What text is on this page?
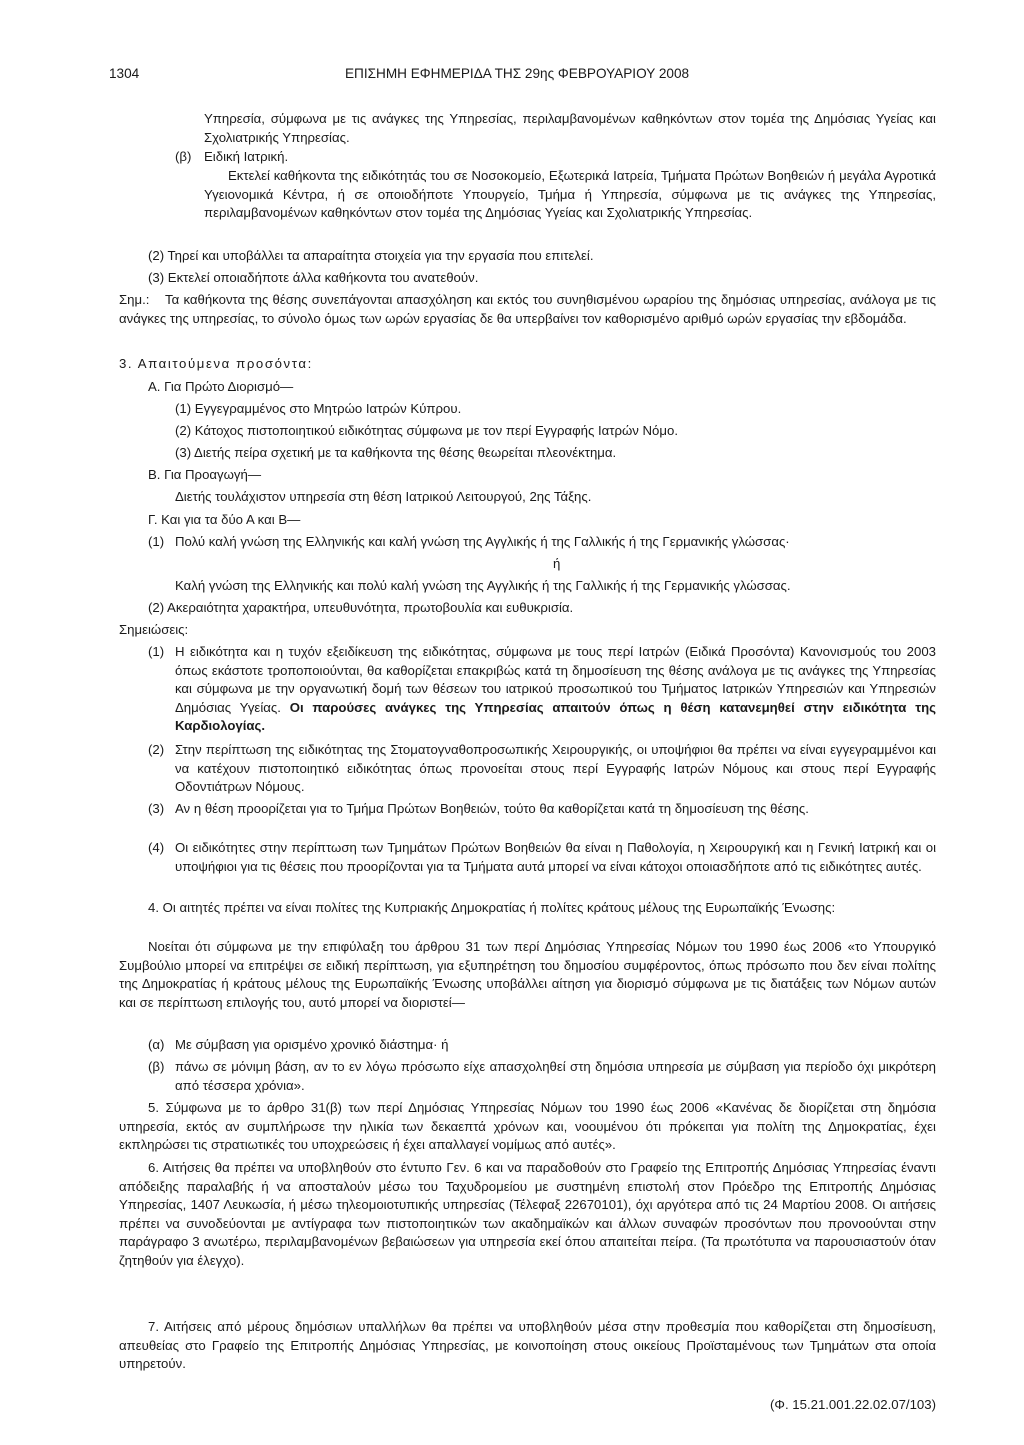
1304	ΕΠΙΣΗΜΗ ΕΦΗΜΕΡΙΔΑ ΤΗΣ 29ης ΦΕΒΡΟΥΑΡΙΟΥ 2008

Υπηρεσία, σύμφωνα με τις ανάγκες της Υπηρεσίας, περιλαμβανομένων καθηκόντων στον τομέα της Δημόσιας Υγείας και Σχολιατρικής Υπηρεσίας.

(β) Ειδική Ιατρική.

Εκτελεί καθήκοντα της ειδικότητάς του σε Νοσοκομείο, Εξωτερικά Ιατρεία, Τμήματα Πρώτων Βοηθειών ή μεγάλα Αγροτικά Υγειονομικά Κέντρα, ή σε οποιοδήποτε Υπουργείο, Τμήμα ή Υπηρεσία, σύμφωνα με τις ανάγκες της Υπηρεσίας, περιλαμβανομένων καθηκόντων στον τομέα της Δημόσιας Υγείας και Σχολιατρικής Υπηρεσίας.

(2) Τηρεί και υποβάλλει τα απαραίτητα στοιχεία για την εργασία που επιτελεί.
(3) Εκτελεί οποιαδήποτε άλλα καθήκοντα του ανατεθούν.
Σημ.:	Τα καθήκοντα της θέσης συνεπάγονται απασχόληση και εκτός του συνηθισμένου ωραρίου της δημόσιας υπηρεσίας, ανάλογα με τις ανάγκες της υπηρεσίας, το σύνολο όμως των ωρών εργασίας δε θα υπερβαίνει τον καθορισμένο αριθμό ωρών εργασίας την εβδομάδα.

3. Απαιτούμενα προσόντα:
Α. Για Πρώτο Διορισμό—
(1) Εγγεγραμμένος στο Μητρώο Ιατρών Κύπρου.
(2) Κάτοχος πιστοποιητικού ειδικότητας σύμφωνα με τον περί Εγγραφής Ιατρών Νόμο.
(3) Διετής πείρα σχετική με τα καθήκοντα της θέσης θεωρείται πλεονέκτημα.
Β. Για Προαγωγή—
Διετής τουλάχιστον υπηρεσία στη θέση Ιατρικού Λειτουργού, 2ης Τάξης.
Γ. Και για τα δύο Α και Β—
(1) Πολύ καλή γνώση της Ελληνικής και καλή γνώση της Αγγλικής ή της Γαλλικής ή της Γερμανικής γλώσσας·
ή
Καλή γνώση της Ελληνικής και πολύ καλή γνώση της Αγγλικής ή της Γαλλικής ή της Γερμανικής γλώσσας.
(2) Ακεραιότητα χαρακτήρα, υπευθυνότητα, πρωτοβουλία και ευθυκρισία.
Σημειώσεις:
(1) Η ειδικότητα και η τυχόν εξειδίκευση της ειδικότητας, σύμφωνα με τους περί Ιατρών (Ειδικά Προσόντα) Κανονισμούς του 2003 όπως εκάστοτε τροποποιούνται, θα καθορίζεται επακριβώς κατά τη δημοσίευση της θέσης ανάλογα με τις ανάγκες της Υπηρεσίας και σύμφωνα με την οργανωτική δομή των θέσεων του ιατρικού προσωπικού του Τμήματος Ιατρικών Υπηρεσιών και Υπηρεσιών Δημόσιας Υγείας. Οι παρούσες ανάγκες της Υπηρεσίας απαιτούν όπως η θέση κατανεμηθεί στην ειδικότητα της Καρδιολογίας.

(2) Στην περίπτωση της ειδικότητας της Στοματογναθοπροσωπικής Χειρουργικής, οι υποψήφιοι θα πρέπει να είναι εγγεγραμμένοι και να κατέχουν πιστοποιητικό ειδικότητας όπως προνοείται στους περί Εγγραφής Ιατρών Νόμους και στους περί Εγγραφής Οδοντιάτρων Νόμους.

(3) Αν η θέση προορίζεται για το Τμήμα Πρώτων Βοηθειών, τούτο θα καθορίζεται κατά τη δημοσίευση της θέσης.

(4) Οι ειδικότητες στην περίπτωση των Τμημάτων Πρώτων Βοηθειών θα είναι η Παθολογία, η Χειρουργική και η Γενική Ιατρική και οι υποψήφιοι για τις θέσεις που προορίζονται για τα Τμήματα αυτά μπορεί να είναι κάτοχοι οποιασδήποτε από τις ειδικότητες αυτές.

4. Οι αιτητές πρέπει να είναι πολίτες της Κυπριακής Δημοκρατίας ή πολίτες κράτους μέλους της Ευρωπαϊκής Ένωσης:

Νοείται ότι σύμφωνα με την επιφύλαξη του άρθρου 31 των περί Δημόσιας Υπηρεσίας Νόμων του 1990 έως 2006 «το Υπουργικό Συμβούλιο μπορεί να επιτρέψει σε ειδική περίπτωση, για εξυπηρέτηση του δημοσίου συμφέροντος, όπως πρόσωπο που δεν είναι πολίτης της Δημοκρατίας ή κράτους μέλους της Ευρωπαϊκής Ένωσης υποβάλλει αίτηση για διορισμό σύμφωνα με τις διατάξεις των Νόμων αυτών και σε περίπτωση επιλογής του, αυτό μπορεί να διοριστεί—

(α) Με σύμβαση για ορισμένο χρονικό διάστημα· ή
(β) πάνω σε μόνιμη βάση, αν το εν λόγω πρόσωπο είχε απασχοληθεί στη δημόσια υπηρεσία με σύμβαση για περίοδο όχι μικρότερη από τέσσερα χρόνια».

5. Σύμφωνα με το άρθρο 31(β) των περί Δημόσιας Υπηρεσίας Νόμων του 1990 έως 2006 «Κανένας δε διορίζεται στη δημόσια υπηρεσία, εκτός αν συμπλήρωσε την ηλικία των δεκαεπτά χρόνων και, νοουμένου ότι πρόκειται για πολίτη της Δημοκρατίας, έχει εκπληρώσει τις στρατιωτικές του υποχρεώσεις ή έχει απαλλαγεί νομίμως από αυτές».

6. Αιτήσεις θα πρέπει να υποβληθούν στο έντυπο Γεν. 6 και να παραδοθούν στο Γραφείο της Επιτροπής Δημόσιας Υπηρεσίας έναντι απόδειξης παραλαβής ή να αποσταλούν μέσω του Ταχυδρομείου με συστημένη επιστολή στον Πρόεδρο της Επιτροπής Δημόσιας Υπηρεσίας, 1407 Λευκωσία, ή μέσω τηλεομοιοτυπικής υπηρεσίας (Τέλεφαξ 22670101), όχι αργότερα από τις 24 Μαρτίου 2008. Οι αιτήσεις πρέπει να συνοδεύονται με αντίγραφα των πιστοποιητικών των ακαδημαϊκών και άλλων συναφών προσόντων που προνοούνται στην παράγραφο 3 ανωτέρω, περιλαμβανομένων βεβαιώσεων για υπηρεσία εκεί όπου απαιτείται πείρα. (Τα πρωτότυπα να παρουσιαστούν όταν ζητηθούν για έλεγχο).

7. Αιτήσεις από μέρους δημόσιων υπαλλήλων θα πρέπει να υποβληθούν μέσα στην προθεσμία που καθορίζεται στη δημοσίευση, απευθείας στο Γραφείο της Επιτροπής Δημόσιας Υπηρεσίας, με κοινοποίηση στους οικείους Προϊσταμένους των Τμημάτων στα οποία υπηρετούν.

(Φ. 15.21.001.22.02.07/103)
